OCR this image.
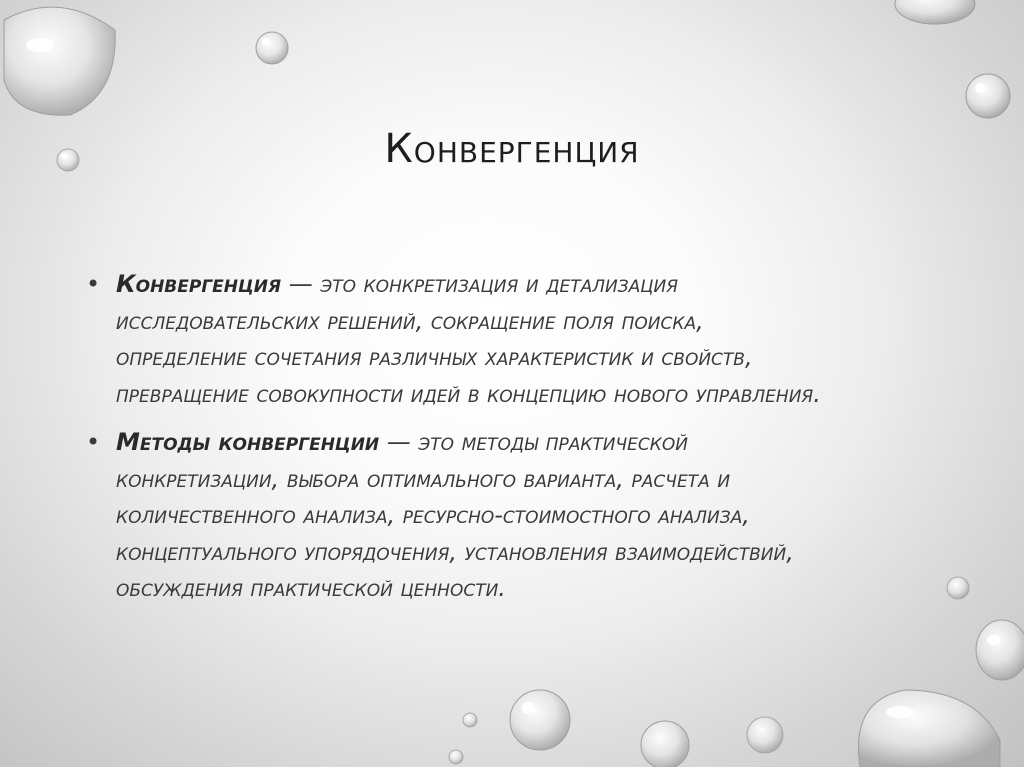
Конвергенция
• Конвергенция — это конкретизация и детализация исследовательских решений, сокращение поля поиска, определение сочетания различных характеристик и свойств, превращение совокупности идей в концепцию нового управления.
• Методы конвергенции — это методы практической конкретизации, выбора оптимального варианта, расчета и количественного анализа, ресурсно-стоимостного анализа, концептуального упорядочения, установления взаимодействий, обсуждения практической ценности.
